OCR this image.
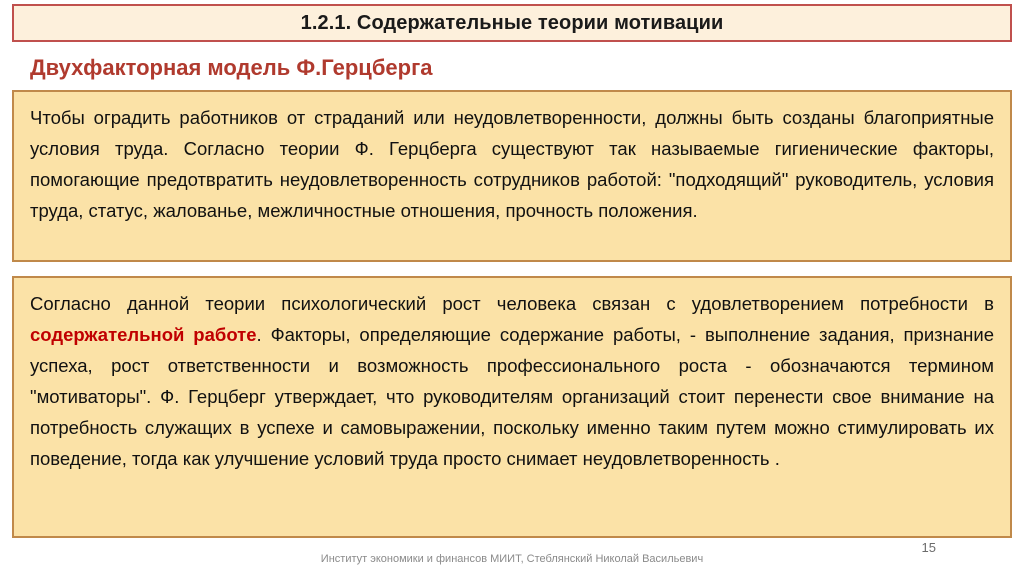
1.2.1. Содержательные теории мотивации
Двухфакторная модель Ф.Герцберга

Чтобы оградить работников от страданий или неудовлетворенности, должны быть созданы благоприятные условия труда. Согласно теории Ф. Герцберга существуют так называемые гигиенические факторы, помогающие предотвратить неудовлетворенность сотрудников работой: "подходящий" руководитель, условия труда, статус, жалованье, межличностные отношения, прочность положения.

Согласно данной теории психологический рост человека связан с удовлетворением потребности в содержательной работе. Факторы, определяющие содержание работы, - выполнение задания, признание успеха, рост ответственности и возможность профессионального роста - обозначаются термином "мотиваторы". Ф. Герцберг утверждает, что руководителям организаций стоит перенести свое внимание на потребность служащих в успехе и самовыражении, поскольку именно таким путем можно стимулировать их поведение, тогда как улучшение условий труда просто снимает неудовлетворенность .

15
Институт экономики и финансов МИИТ, Стеблянский Николай Васильевич
